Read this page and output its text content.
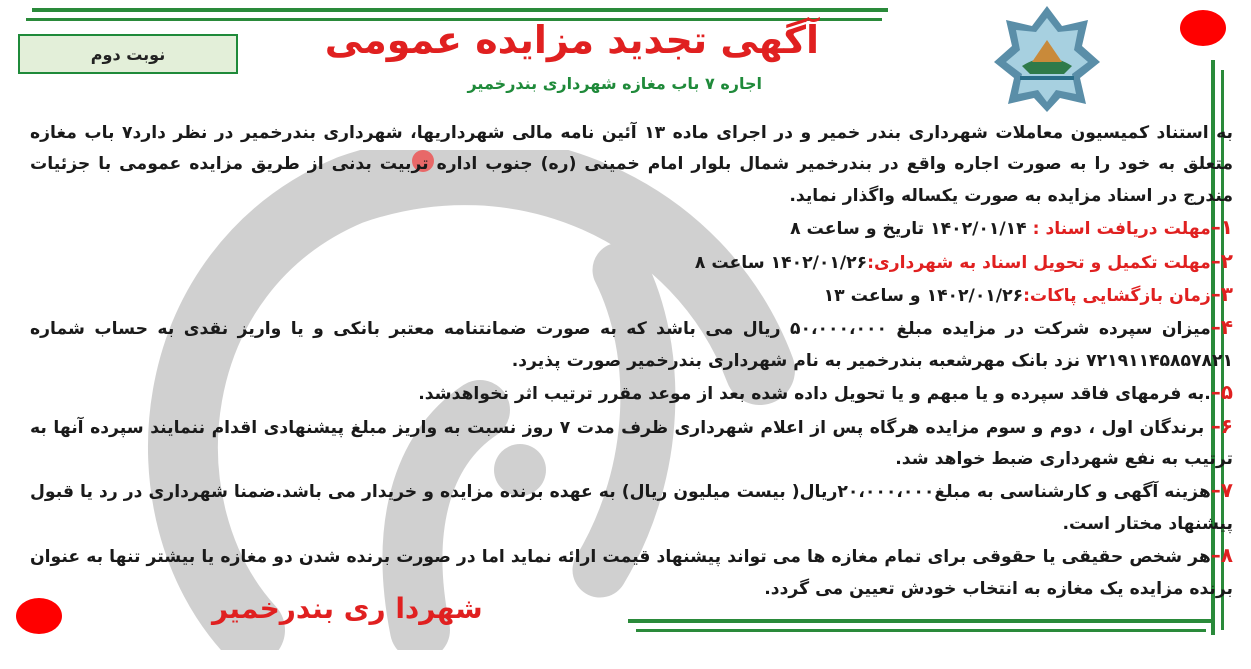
نوبت دوم	آگهی تجدید مزایده عمومی
اجاره ۷ باب مغازه شهرداری بندرخمیر

به استناد کمیسیون معاملات شهرداری بندر خمیر و در اجرای ماده ۱۳ آئین نامه مالی شهرداریها، شهرداری بندرخمیر در نظر دارد۷ باب مغازه متعلق به خود را به صورت اجاره واقع در بندرخمیر شمال بلوار امام خمینی (ره) جنوب اداره تربیت بدنی از طریق مزایده عمومی با جزئیات مندرج در اسناد مزایده به صورت یکساله واگذار نماید.

۱–مهلت دریافت اسناد : ۱۴۰۲/۰۱/۱۴ تاریخ و ساعت ۸

۲–مهلت تکمیل و تحویل اسناد به شهرداری:۱۴۰۲/۰۱/۲۶ ساعت ۸

۳–زمان بازگشایی پاکات:۱۴۰۲/۰۱/۲۶ و ساعت ۱۳

۴–میزان سپرده شرکت در مزایده مبلغ ۵۰،۰۰۰،۰۰۰ ریال می باشد که به صورت ضمانتنامه معتبر بانکی و یا واریز نقدی به حساب شماره ۷۲۱۹۱۱۴۵۸۵۷۸۲۱ نزد بانک مهرشعبه بندرخمیر به نام شهرداری بندرخمیر صورت پذیرد.

۵–.به فرمهای فاقد سپرده و یا مبهم و یا تحویل داده شده بعد از موعد مقرر ترتیب اثر نخواهدشد.

۶– برندگان اول ، دوم و سوم مزایده هرگاه پس از اعلام شهرداری ظرف مدت ۷ روز نسبت به واریز مبلغ پیشنهادی اقدام ننمایند سپرده آنها به ترتیب به نفع شهرداری ضبط خواهد شد.

۷–هزینه آگهی و کارشناسی به مبلغ۲۰،۰۰۰،۰۰۰ریال( بیست میلیون ریال) به عهده برنده مزایده و خریدار می باشد.ضمنا شهرداری در رد یا قبول پیشنهاد مختار است.

۸–هر شخص حقیقی یا حقوقی برای تمام مغازه ها می تواند پیشنهاد قیمت ارائه نماید اما در صورت برنده شدن دو مغازه یا بیشتر تنها به عنوان برنده مزایده یک مغازه به انتخاب خودش تعیین می گردد.

شهردا ری بندرخمیر
